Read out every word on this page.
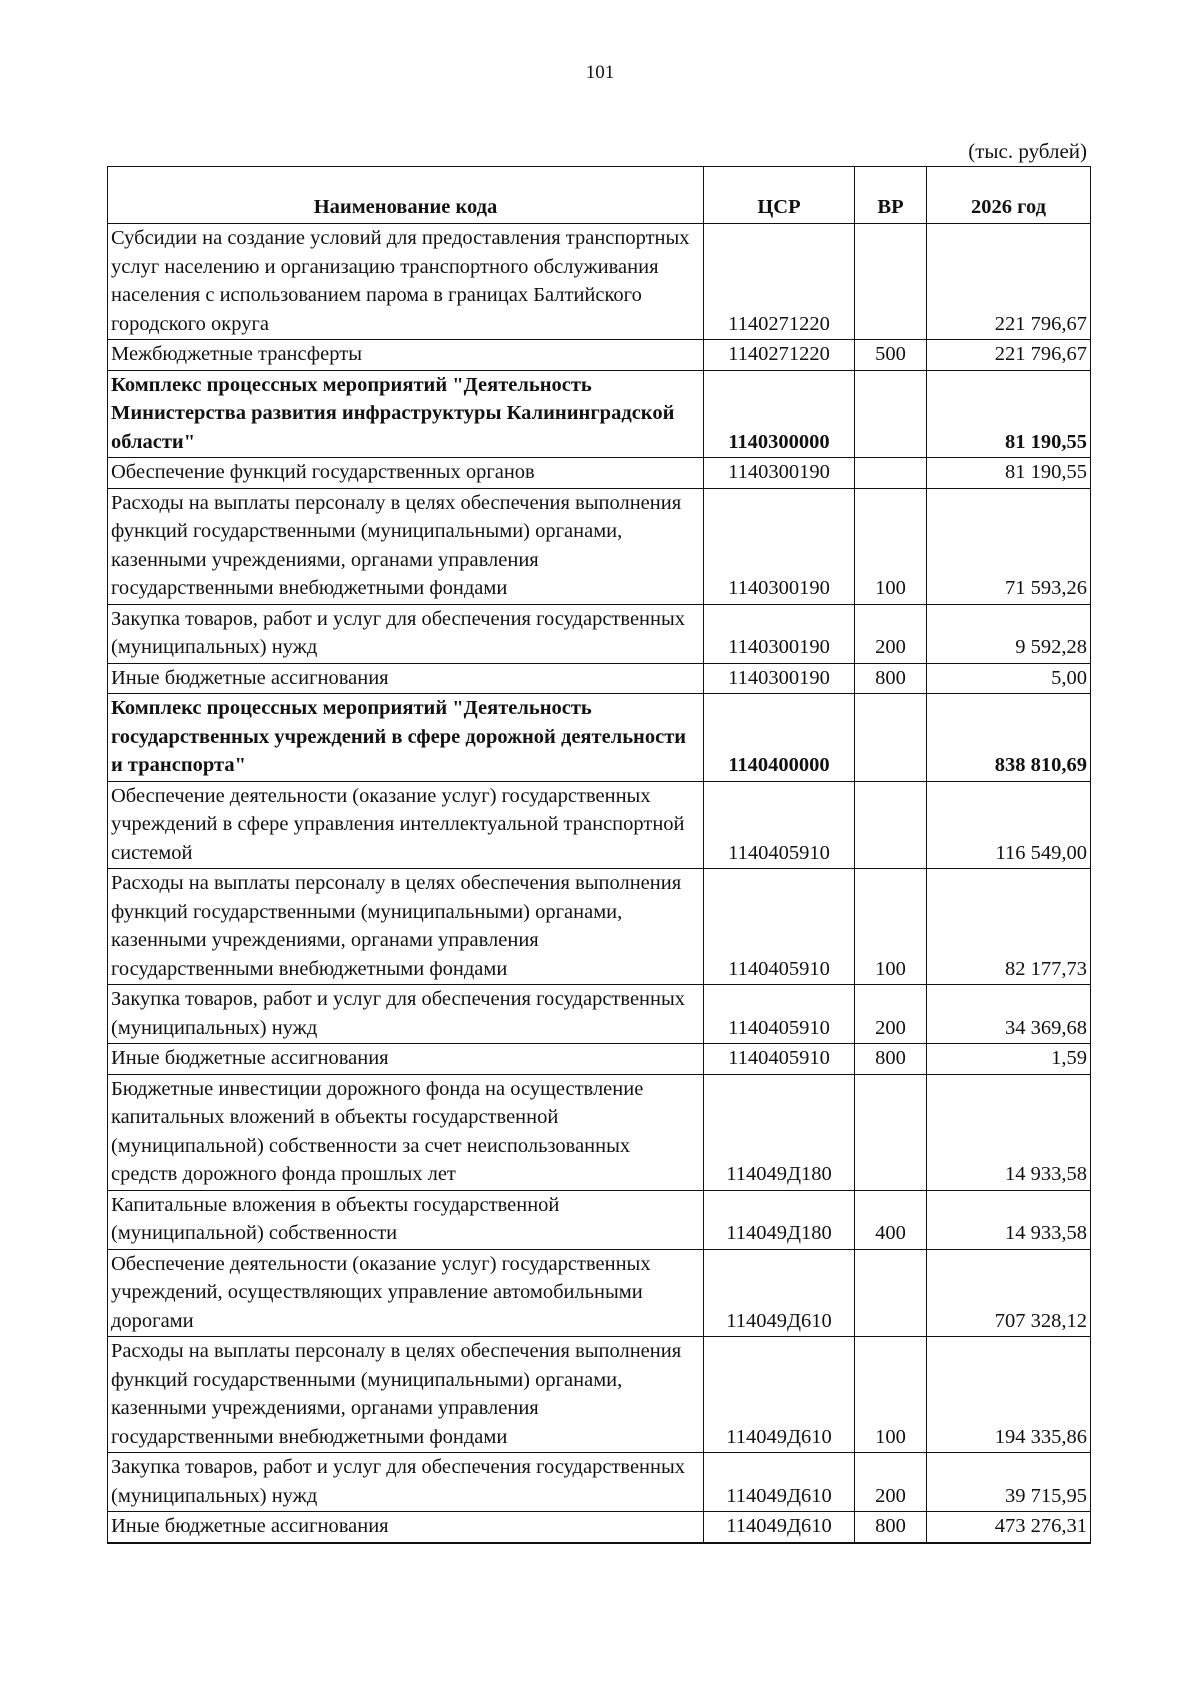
101
(тыс. рублей)
Наименование кода	ЦСР	ВР	2026 год
Субсидии на создание условий для предоставления транспортных услуг населению и организацию транспортного обслуживания населения с использованием парома в границах Балтийского городского округа	1140271220		221 796,67
Межбюджетные трансферты	1140271220	500	221 796,67
Комплекс процессных мероприятий "Деятельность Министерства развития инфраструктуры Калининградской области"	1140300000		81 190,55
Обеспечение функций государственных органов	1140300190		81 190,55
Расходы на выплаты персоналу в целях обеспечения выполнения функций государственными (муниципальными) органами, казенными учреждениями, органами управления государственными внебюджетными фондами	1140300190	100	71 593,26
Закупка товаров, работ и услуг для обеспечения государственных (муниципальных) нужд	1140300190	200	9 592,28
Иные бюджетные ассигнования	1140300190	800	5,00
Комплекс процессных мероприятий "Деятельность государственных учреждений в сфере дорожной деятельности и транспорта"	1140400000		838 810,69
Обеспечение деятельности (оказание услуг) государственных учреждений в сфере управления интеллектуальной транспортной системой	1140405910		116 549,00
Расходы на выплаты персоналу в целях обеспечения выполнения функций государственными (муниципальными) органами, казенными учреждениями, органами управления государственными внебюджетными фондами	1140405910	100	82 177,73
Закупка товаров, работ и услуг для обеспечения государственных (муниципальных) нужд	1140405910	200	34 369,68
Иные бюджетные ассигнования	1140405910	800	1,59
Бюджетные инвестиции дорожного фонда на осуществление капитальных вложений в объекты государственной (муниципальной) собственности за счет неиспользованных средств дорожного фонда прошлых лет	114049Д180		14 933,58
Капитальные вложения в объекты государственной (муниципальной) собственности	114049Д180	400	14 933,58
Обеспечение деятельности (оказание услуг) государственных учреждений, осуществляющих управление автомобильными дорогами	114049Д610		707 328,12
Расходы на выплаты персоналу в целях обеспечения выполнения функций государственными (муниципальными) органами, казенными учреждениями, органами управления государственными внебюджетными фондами	114049Д610	100	194 335,86
Закупка товаров, работ и услуг для обеспечения государственных (муниципальных) нужд	114049Д610	200	39 715,95
Иные бюджетные ассигнования	114049Д610	800	473 276,31
